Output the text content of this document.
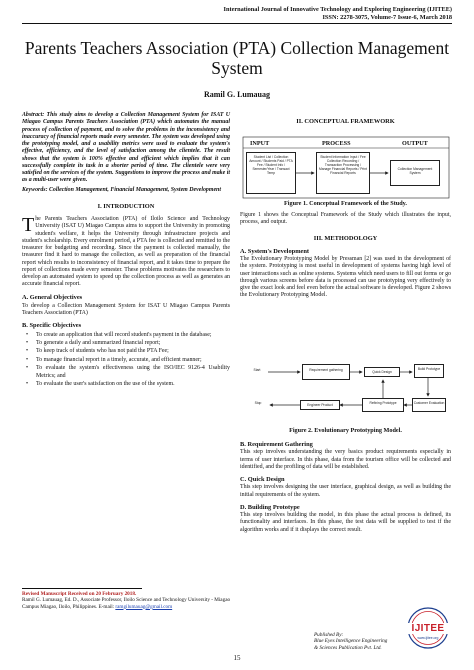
International Journal of Innovative Technology and Exploring Engineering (IJITEE)
ISSN: 2278-3075, Volume-7 Issue-6, March 2018
Parents Teachers Association (PTA) Collection Management System
Ramil G. Lumauag
Abstract: This study aims to develop a Collection Management System for ISAT U Miagao Campus Parents Teachers Association (PTA) which automates the manual process of collection of payment, and to solve the problems in the inconsistency and inaccuracy of financial reports made every semester. The system was developed using the prototyping model, and a usability metrics were used to evaluate the system's effective, efficiency, and the level of satisfaction among the clientele. The result shows that the system is 100% effective and efficient which implies that it can successfully complete its task in a shorter period of time. The clientele were very satisfied on the services of the system. Suggestions to improve the process and make it as a multi-user were given.
Keywords: Collection Management, Financial Management, System Development
I. INTRODUCTION
The Parents Teachers Association (PTA) of Iloilo Science and Technology University (ISAT U) Miagao Campus aims to support the University in promoting student's welfare, it helps the University through infrastructure projects and student's scholarship. Every enrolment period, a PTA fee is collected and remitted to the treasurer for budgeting and recording. Since the payment is collected manually, the treasurer find it hard to manage the collection, as well as preparation of the financial report which results to inconsistency of financial report, and it takes time to prepare the report of collections made every semester. These problems motivates the researchers to develop an automated system to speed up the collection process as well as generates an accurate financial report.
A. General Objectives
To develop a Collection Management System for ISAT U Miagao Campus Parents Teachers Association (PTA)
B. Specific Objectives
• To create an application that will record student's payment in the database;
• To generate a daily and summarized financial report;
• To keep track of students who has not paid the PTA Fee;
• To manage financial report in a timely, accurate, and efficient manner;
• To evaluate the system's effectiveness using the ISO/IEC 9126-4 Usability Metrics; and
• To evaluate the user's satisfaction on the use of the system.
Revised Manuscript Received on 20 February 2018.
Ramil G. Lumauag, Ed. D., Associate Professor, Iloilo Science and Technology University - Miagao Campus Miagao, Iloilo, Philippines. E-mail: ramgilumauag@gmail.com
II. CONCEPTUAL FRAMEWORK
INPUT	PROCESS	OUTPUT
Student List / Collection Amount / Students Paid / PTA Fee / Student Info / Semester/Year / Transact Temp
Student Information Input / Fee Collection Recording / Transaction Processing / Manage Financial Reports / Print Financial Reports
Collection Management System
Figure 1. Conceptual Framework of the Study.
Figure 1 shows the Conceptual Framework of the Study which illustrates the input, process, and output.
III. METHODOLOGY
A. System's Development
The Evolutionary Prototyping Model by Pressman [2] was used in the development of the system. Prototyping is most useful in development of systems having high level of user interactions such as online systems. Systems which need users to fill out forms or go through various screens before data is processed can use prototyping very effectively to give the exact look and feel even before the actual software is developed. Figure 2 shows the Evolutionary Prototyping Model.
Start	Requirement gathering	Quick Design
Build Prototype
Customer Evaluation
Refining Prototype
Engineer Product
Stop
Figure 2. Evolutionary Prototyping Model.
B. Requirement Gathering
This step involves understanding the very basics product requirements especially in terms of user interface. In this phase, data from the tourism office will be collected and identified, and the profiling of data will be established.
C. Quick Design
This step involves designing the user interface, graphical design, as well as building the initial requirements of the system.
D. Building Prototype
This step involves building the model, in this phase the actual process is defined, its functionality and interfaces. In this phase, the test data will be supplied to test if the algorithm works and if it displays the correct result.
Published By:
Blue Eyes Intelligence Engineering
& Sciences Publication Pvt. Ltd.
IJITEE
www.ijitee.org
15
